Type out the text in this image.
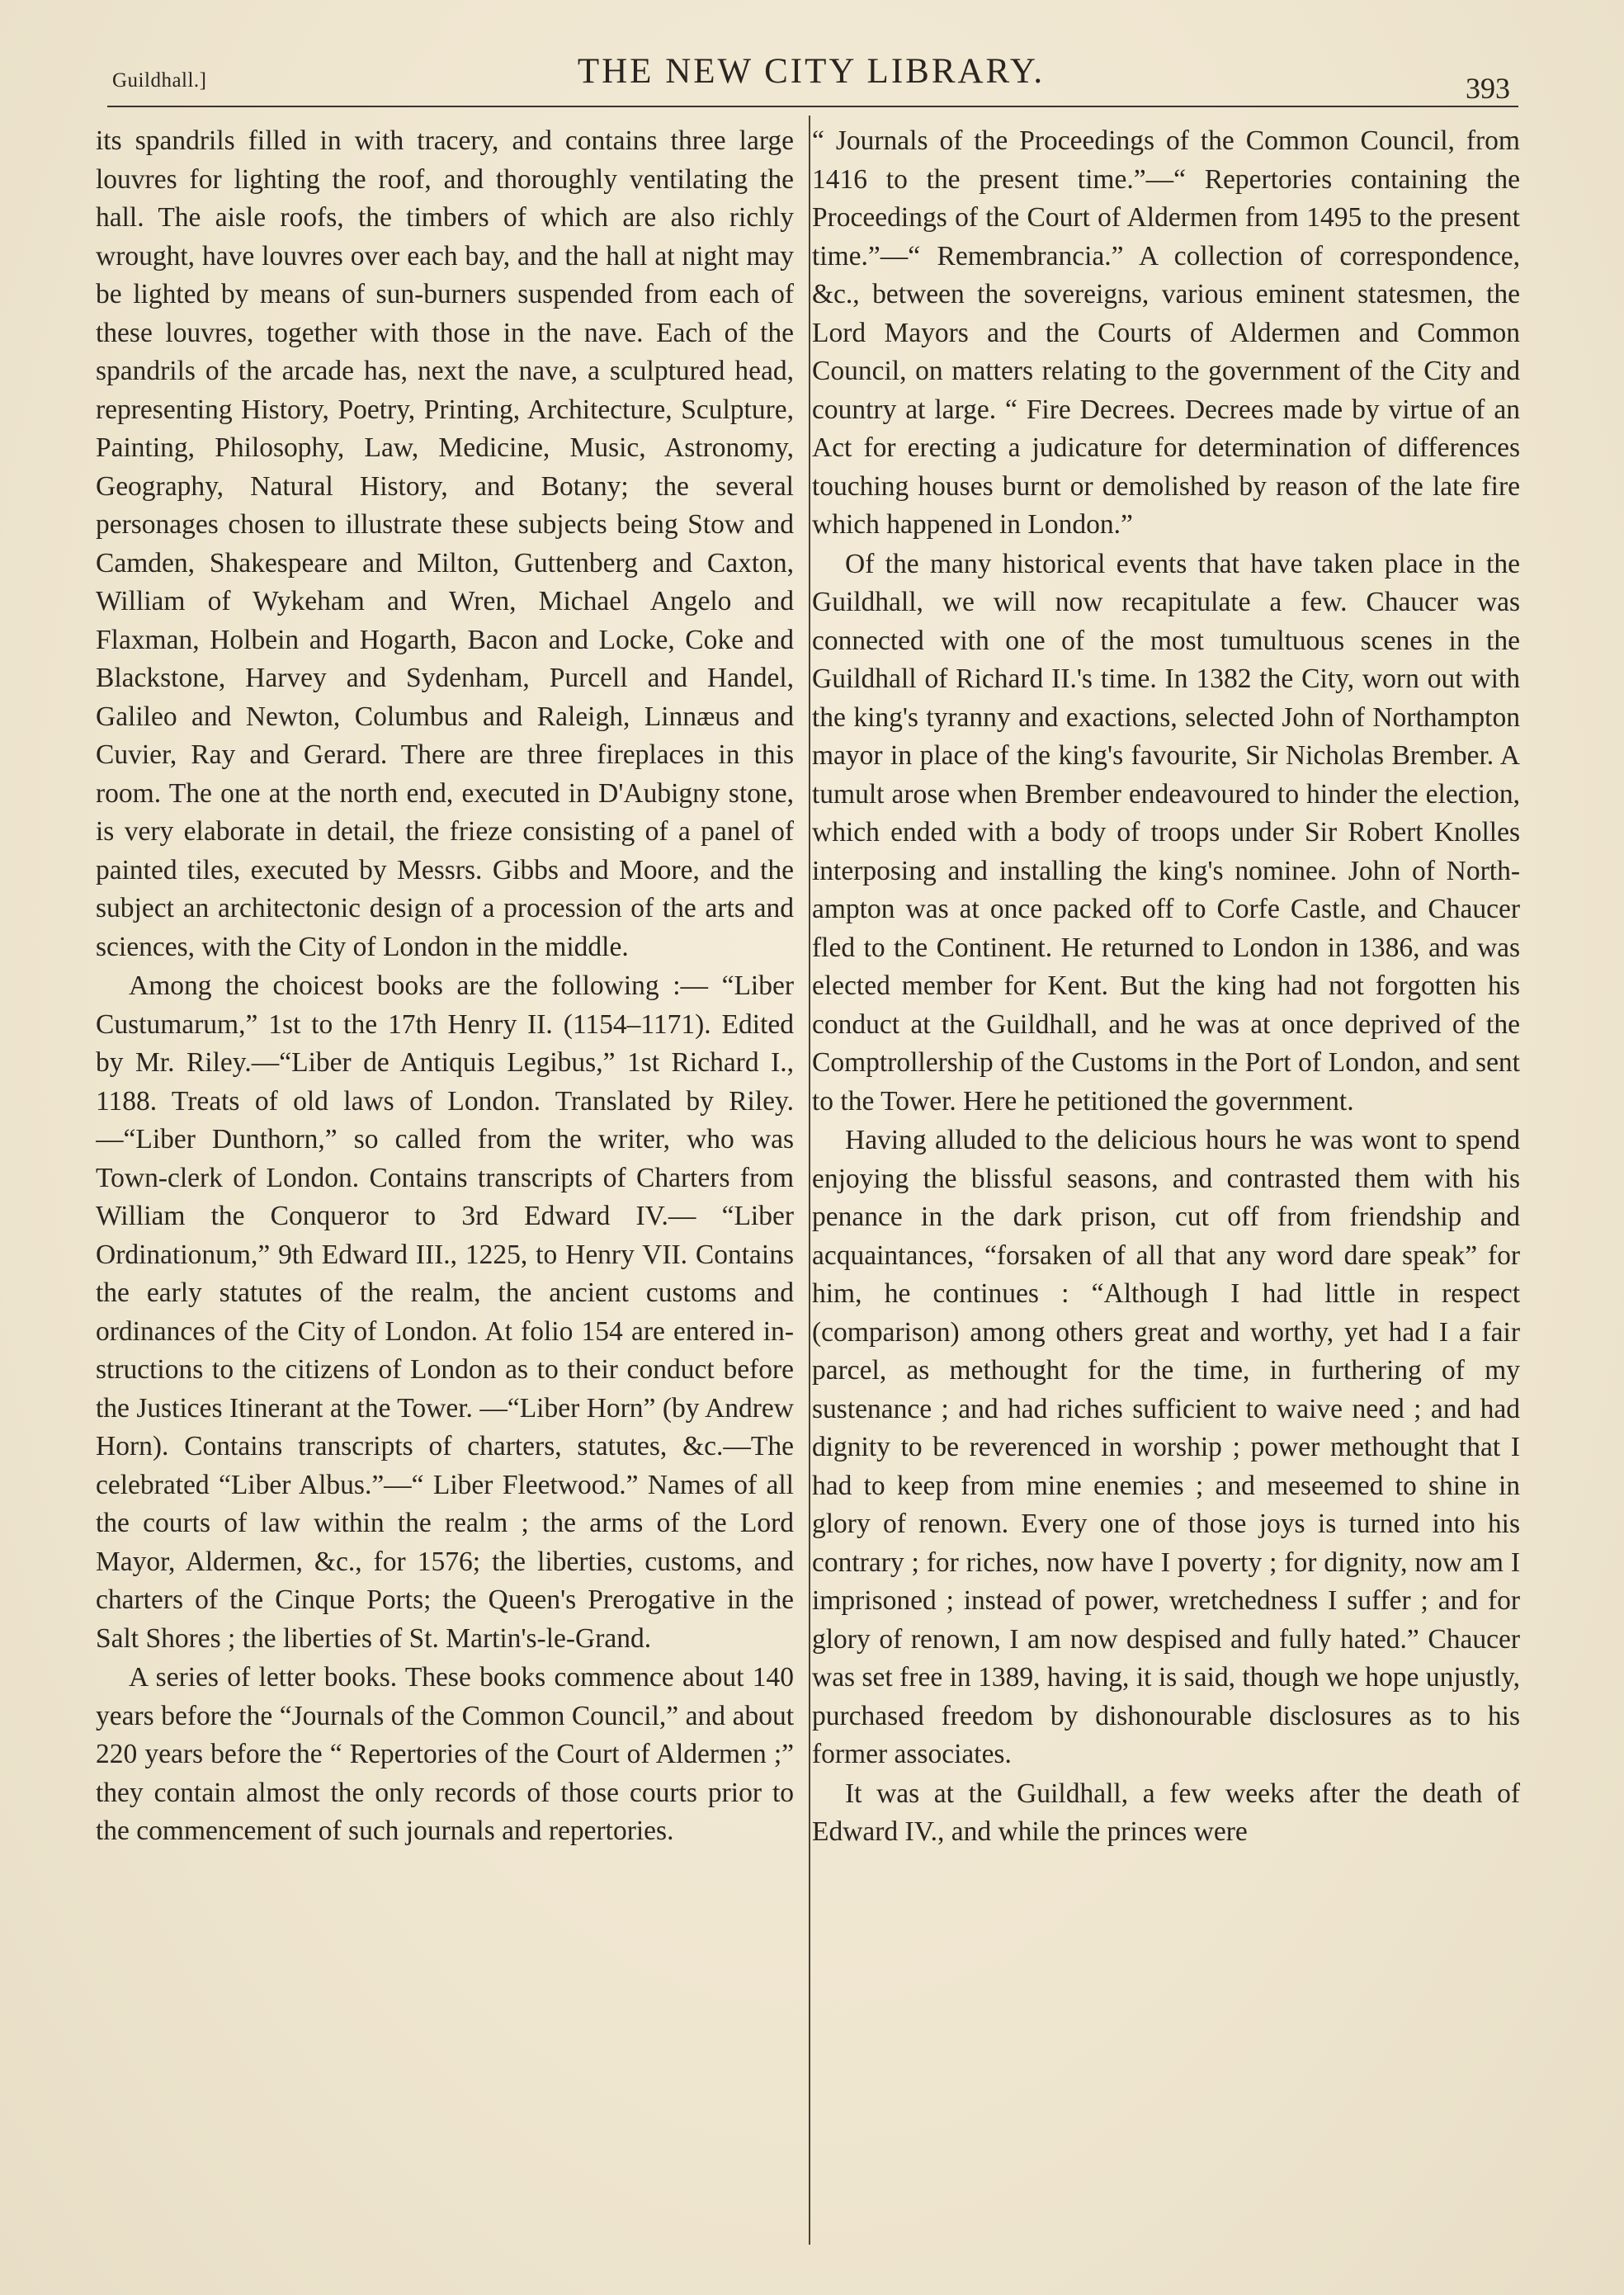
Guildhall.]	THE NEW CITY LIBRARY.	393

its spandrils filled in with tracery, and contains three large louvres for lighting the roof, and thoroughly ventilating the hall. The aisle roofs, the timbers of which are also richly wrought, have louvres over each bay, and the hall at night may be lighted by means of sun-burners suspended from each of these louvres, together with those in the nave. Each of the spandrils of the arcade has, next the nave, a sculptured head, representing History, Poetry, Printing, Architecture, Sculpture, Painting, Philosophy, Law, Medicine, Music, Astronomy, Geography, Natural History, and Botany; the several personages chosen to illustrate these subjects being Stow and Camden, Shakespeare and Milton, Guttenberg and Caxton, William of Wykeham and Wren, Michael Angelo and Flaxman, Holbein and Hogarth, Bacon and Locke, Coke and Blackstone, Harvey and Sydenham, Purcell and Handel, Galileo and Newton, Columbus and Raleigh, Linnæus and Cuvier, Ray and Gerard. There are three fireplaces in this room. The one at the north end, executed in D'Aubigny stone, is very elaborate in detail, the frieze consisting of a panel of painted tiles, executed by Messrs. Gibbs and Moore, and the subject an architectonic design of a procession of the arts and sciences, with the City of London in the middle.

Among the choicest books are the following :— “Liber Custumarum,” 1st to the 17th Henry II. (1154–1171). Edited by Mr. Riley.—“Liber de Antiquis Legibus,” 1st Richard I., 1188. Treats of old laws of London. Translated by Riley.—“Liber Dunthorn,” so called from the writer, who was Town-clerk of London. Contains transcripts of Charters from William the Conqueror to 3rd Edward IV.— “Liber Ordinationum,” 9th Edward III., 1225, to Henry VII. Contains the early statutes of the realm, the ancient customs and ordinances of the City of London. At folio 154 are entered instructions to the citizens of London as to their conduct before the Justices Itinerant at the Tower. —“Liber Horn” (by Andrew Horn). Contains transcripts of charters, statutes, &c.—The celebrated “Liber Albus.”—“ Liber Fleetwood.” Names of all the courts of law within the realm ; the arms of the Lord Mayor, Aldermen, &c., for 1576; the liberties, customs, and charters of the Cinque Ports; the Queen's Prerogative in the Salt Shores ; the liberties of St. Martin's-le-Grand.

A series of letter books. These books commence about 140 years before the “Journals of the Common Council,” and about 220 years before the “ Repertories of the Court of Aldermen ;” they contain almost the only records of those courts prior to the commencement of such journals and repertories.

“ Journals of the Proceedings of the Common Council, from 1416 to the present time.”—“ Repertories containing the Proceedings of the Court of Aldermen from 1495 to the present time.”—“ Remembrancia.” A collection of correspondence, &c., between the sovereigns, various eminent statesmen, the Lord Mayors and the Courts of Aldermen and Common Council, on matters relating to the government of the City and country at large. “ Fire Decrees. Decrees made by virtue of an Act for erecting a judicature for determination of differences touching houses burnt or demolished by reason of the late fire which happened in London.”

Of the many historical events that have taken place in the Guildhall, we will now recapitulate a few. Chaucer was connected with one of the most tumultuous scenes in the Guildhall of Richard II.'s time. In 1382 the City, worn out with the king's tyranny and exactions, selected John of Northampton mayor in place of the king's favourite, Sir Nicholas Brember. A tumult arose when Brember endeavoured to hinder the election, which ended with a body of troops under Sir Robert Knolles interposing and installing the king's nominee. John of Northampton was at once packed off to Corfe Castle, and Chaucer fled to the Continent. He returned to London in 1386, and was elected member for Kent. But the king had not forgotten his conduct at the Guildhall, and he was at once deprived of the Comptrollership of the Customs in the Port of London, and sent to the Tower. Here he petitioned the government.

Having alluded to the delicious hours he was wont to spend enjoying the blissful seasons, and contrasted them with his penance in the dark prison, cut off from friendship and acquaintances, “forsaken of all that any word dare speak” for him, he continues : “Although I had little in respect (comparison) among others great and worthy, yet had I a fair parcel, as methought for the time, in furthering of my sustenance ; and had riches sufficient to waive need ; and had dignity to be reverenced in worship ; power methought that I had to keep from mine enemies ; and meseemed to shine in glory of renown. Every one of those joys is turned into his contrary ; for riches, now have I poverty ; for dignity, now am I imprisoned ; instead of power, wretchedness I suffer ; and for glory of renown, I am now despised and fully hated.” Chaucer was set free in 1389, having, it is said, though we hope unjustly, purchased freedom by dishonourable disclosures as to his former associates.

It was at the Guildhall, a few weeks after the death of Edward IV., and while the princes were
